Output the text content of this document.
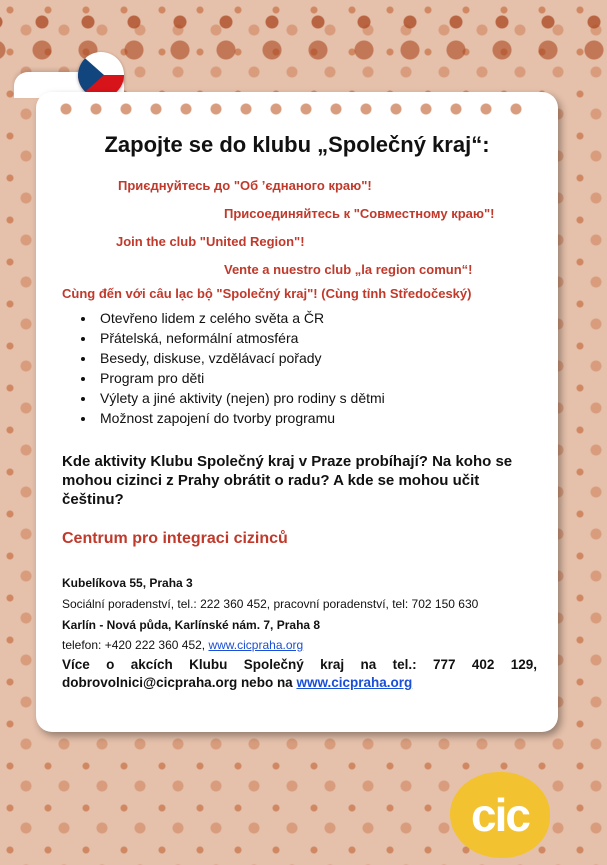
Zapojte se do klubu „Společný kraj“:

Приєднуйтесь до "Об ’єднаного краю"!

Присоединяйтесь к "Совместному краю"!

Join the club "United Region"!

Vente a nuestro club „la region comun“!

Cùng đến với câu lạc bộ "Společný kraj"! (Cùng tỉnh Středočeský)

• Otevřeno lidem z celého světa a ČR
• Přátelská, neformální atmosféra
• Besedy, diskuse, vzdělávací pořady
• Program pro děti
• Výlety a jiné aktivity (nejen) pro rodiny s dětmi
• Možnost zapojení do tvorby programu

Kde aktivity Klubu Společný kraj v Praze probíhají? Na koho se mohou cizinci z Prahy obrátit o radu? A kde se mohou učit češtinu?

Centrum pro integraci cizinců

Kubelíkova 55, Praha 3

Sociální poradenství, tel.: 222 360 452, pracovní poradenství, tel: 702 150 630

Karlín - Nová půda, Karlínské nám. 7, Praha 8

telefon: +420 222 360 452, www.cicpraha.org

Více o akcích Klubu Společný kraj na tel.: 777 402 129, dobrovolnici@cicpraha.org nebo na www.cicpraha.org

cic
